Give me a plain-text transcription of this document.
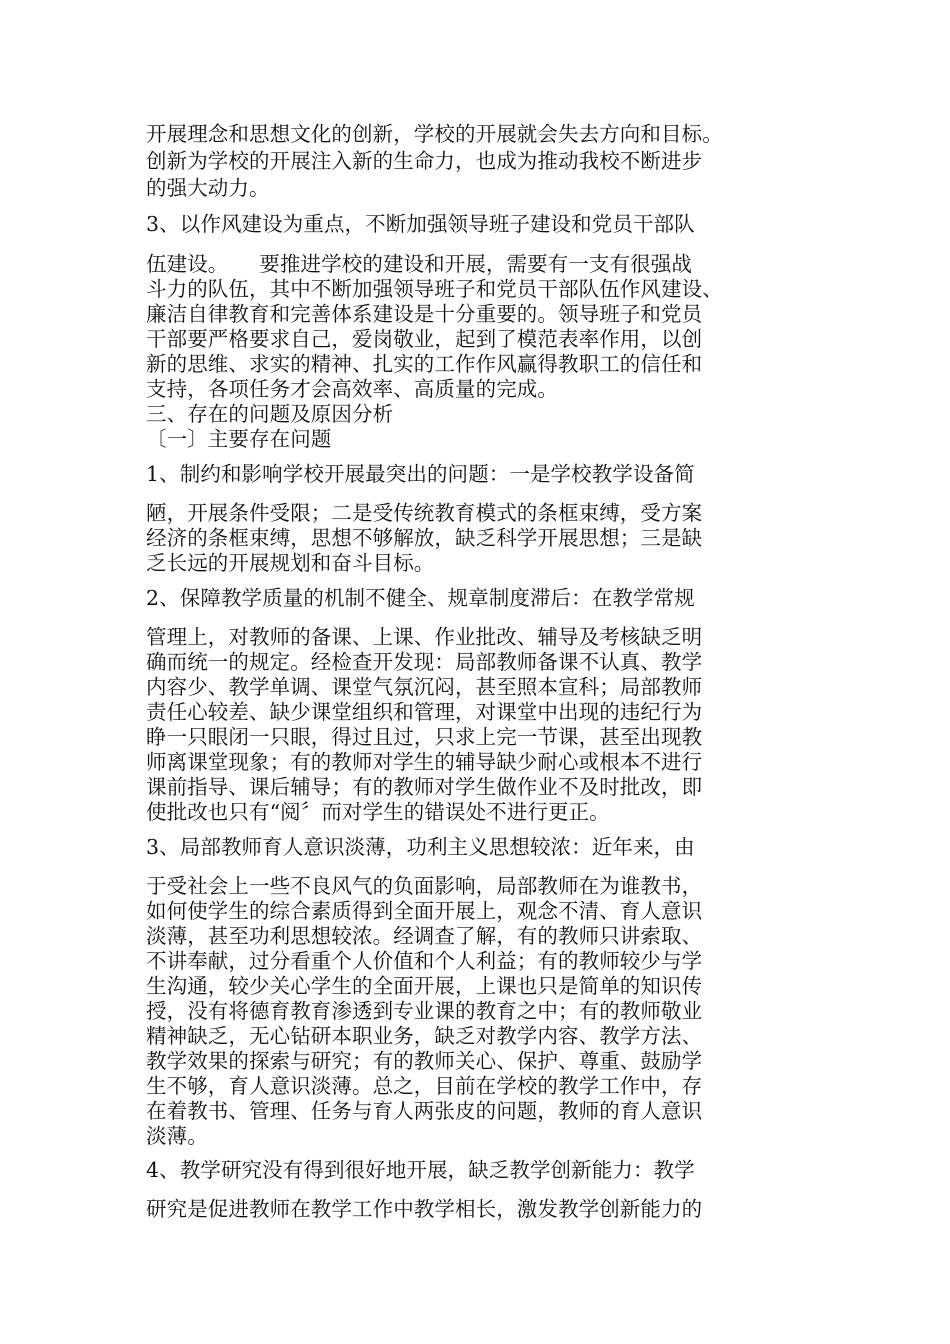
开展理念和思想文化的创新，学校的开展就会失去方向和目标。
创新为学校的开展注入新的生命力，也成为推动我校不断进步
的强大动力。
3、以作风建设为重点，不断加强领导班子建设和党员干部队
伍建设。　　要推进学校的建设和开展，需要有一支有很强战
斗力的队伍，其中不断加强领导班子和党员干部队伍作风建设、
廉洁自律教育和完善体系建设是十分重要的。领导班子和党员
干部要严格要求自己，爱岗敬业，起到了模范表率作用，以创
新的思维、求实的精神、扎实的工作作风赢得教职工的信任和
支持，各项任务才会高效率、高质量的完成。
三、存在的问题及原因分析
〔一〕主要存在问题
1、制约和影响学校开展最突出的问题：一是学校教学设备简
陋，开展条件受限；二是受传统教育模式的条框束缚，受方案
经济的条框束缚，思想不够解放，缺乏科学开展思想；三是缺
乏长远的开展规划和奋斗目标。
2、保障教学质量的机制不健全、规章制度滞后：在教学常规
管理上，对教师的备课、上课、作业批改、辅导及考核缺乏明
确而统一的规定。经检查开发现：局部教师备课不认真、教学
内容少、教学单调、课堂气氛沉闷，甚至照本宣科；局部教师
责任心较差、缺少课堂组织和管理，对课堂中出现的违纪行为
睁一只眼闭一只眼，得过且过，只求上完一节课，甚至出现教
师离课堂现象；有的教师对学生的辅导缺少耐心或根本不进行
课前指导、课后辅导；有的教师对学生做作业不及时批改，即
使批改也只有“阅〞而对学生的错误处不进行更正。
3、局部教师育人意识淡薄，功利主义思想较浓：近年来，由
于受社会上一些不良风气的负面影响，局部教师在为谁教书，
如何使学生的综合素质得到全面开展上，观念不清、育人意识
淡薄，甚至功利思想较浓。经调查了解，有的教师只讲索取、
不讲奉献，过分看重个人价值和个人利益；有的教师较少与学
生沟通，较少关心学生的全面开展，上课也只是简单的知识传
授，没有将德育教育渗透到专业课的教育之中；有的教师敬业
精神缺乏，无心钻研本职业务，缺乏对教学内容、教学方法、
教学效果的探索与研究；有的教师关心、保护、尊重、鼓励学
生不够，育人意识淡薄。总之，目前在学校的教学工作中，存
在着教书、管理、任务与育人两张皮的问题，教师的育人意识
淡薄。
4、教学研究没有得到很好地开展，缺乏教学创新能力：教学
研究是促进教师在教学工作中教学相长，激发教学创新能力的
